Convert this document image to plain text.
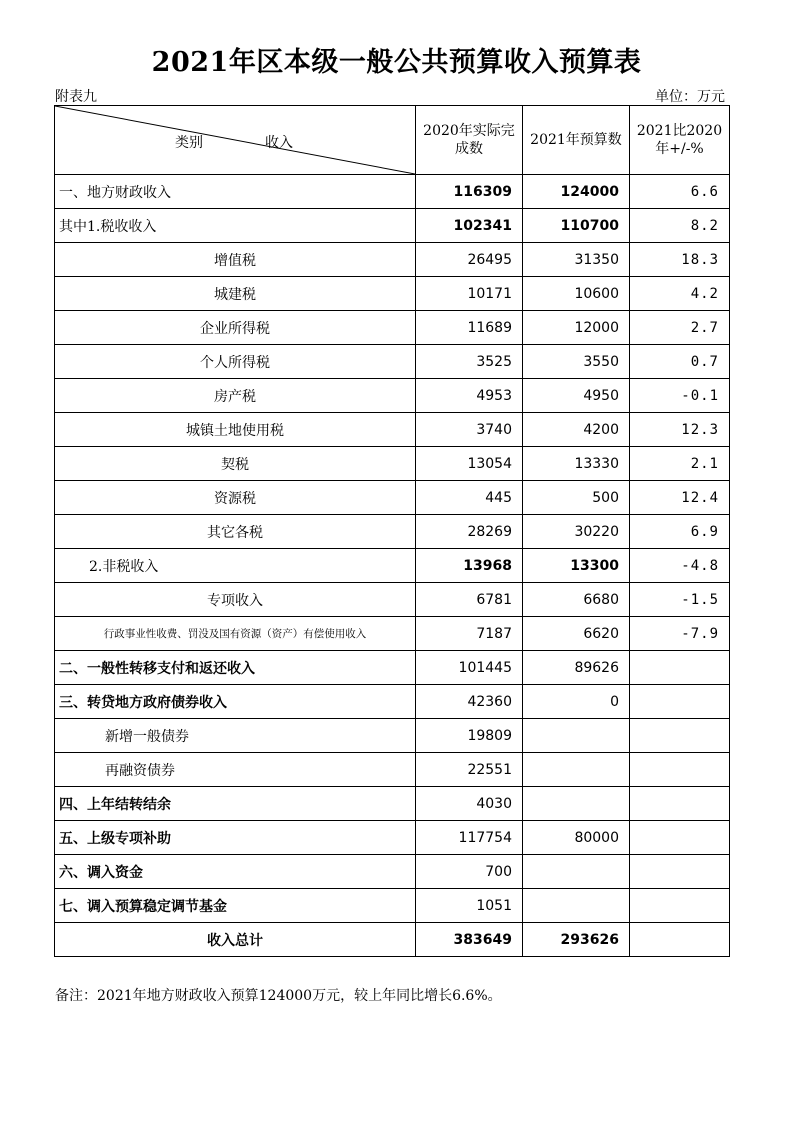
2021年区本级一般公共预算收入预算表
附表九	单位：万元
类别 收入	2020年实际完成数	2021年预算数	2021比2020年+/-%
一、地方财政收入	116309	124000	6.6
其中1.税收收入	102341	110700	8.2
增值税	26495	31350	18.3
城建税	10171	10600	4.2
企业所得税	11689	12000	2.7
个人所得税	3525	3550	0.7
房产税	4953	4950	-0.1
城镇土地使用税	3740	4200	12.3
契税	13054	13330	2.1
资源税	445	500	12.4
其它各税	28269	30220	6.9
2.非税收入	13968	13300	-4.8
专项收入	6781	6680	-1.5
行政事业性收费、罚没及国有资源（资产）有偿使用收入	7187	6620	-7.9
二、一般性转移支付和返还收入	101445	89626	
三、转贷地方政府债券收入	42360	0	
新增一般债券	19809		
再融资债券	22551		
四、上年结转结余	4030		
五、上级专项补助	117754	80000	
六、调入资金	700		
七、调入预算稳定调节基金	1051		
收入总计	383649	293626	
备注：2021年地方财政收入预算124000万元，较上年同比增长6.6%。
